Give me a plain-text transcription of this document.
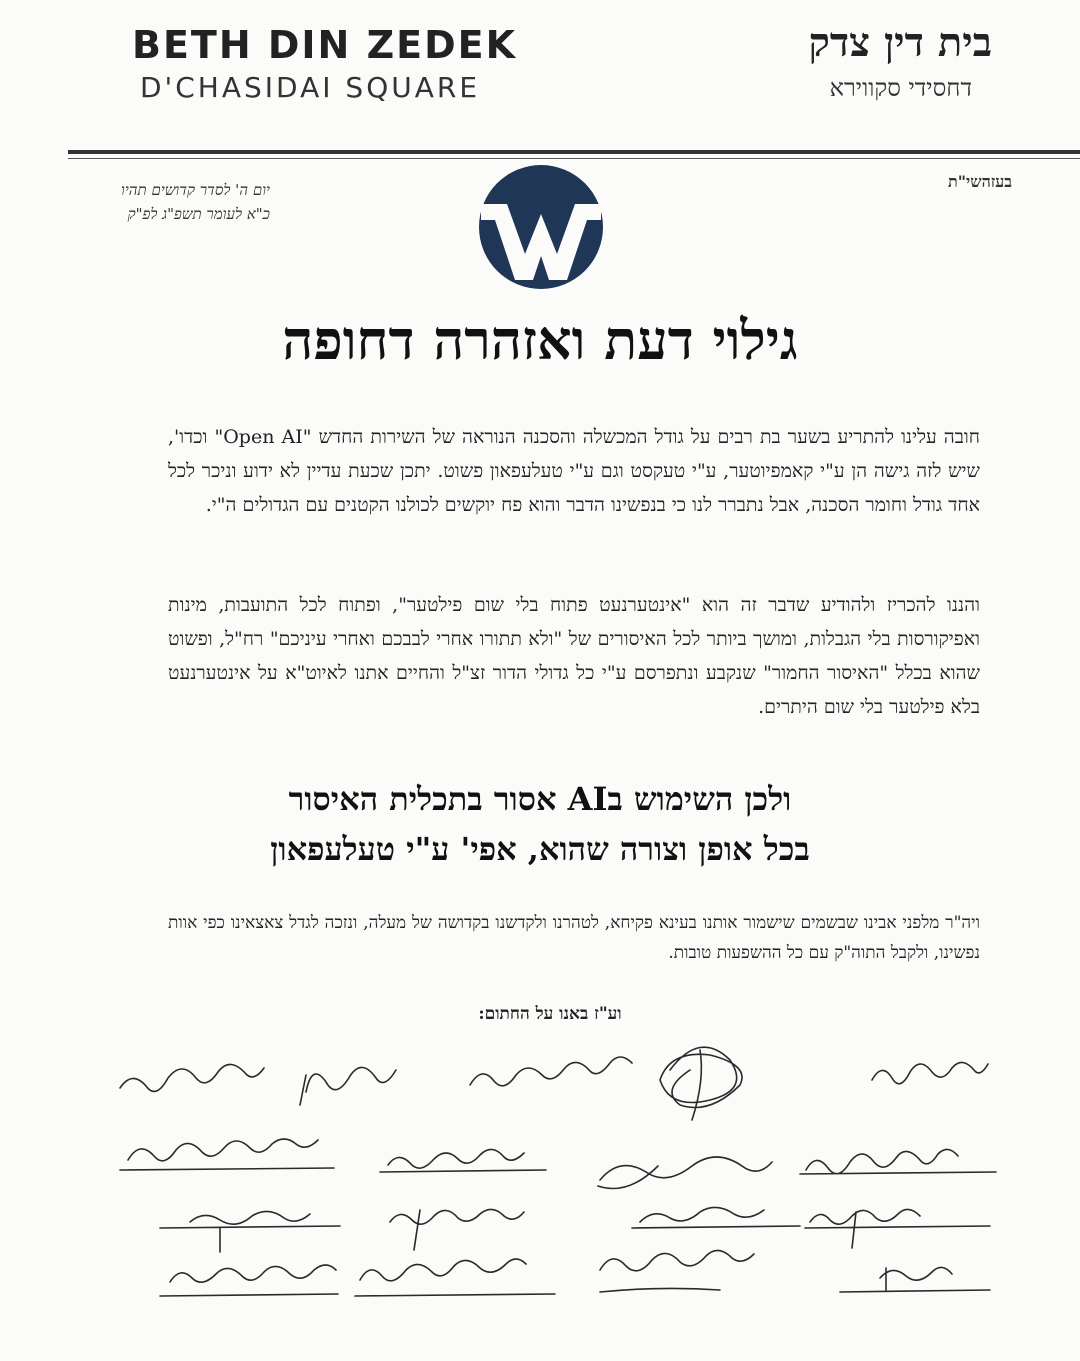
BETH DIN ZEDEK
D'CHASIDAI SQUARE
בית דין צדק
דחסידי סקווירא
יום ה' לסדר קדושים תהיו
כ"א לעומר תשפ"ג לפ"ק
בעזהשי"ת
גילוי דעת ואזהרה דחופה
חובה עלינו להתריע בשער בת רבים על גודל המכשלה והסכנה הנוראה של השירות החדש "Open AI" וכדו', שיש לזה גישה הן ע"י קאמפיוטער, ע"י טעקסט וגם ע"י טעלעפאון פשוט. יתכן שכעת עדיין לא ידוע וניכר לכל אחד גודל וחומר הסכנה, אבל נתברר לנו כי בנפשינו הדבר והוא פח יוקשים לכולנו הקטנים עם הגדולים ה"י.
והננו להכריז ולהודיע שדבר זה הוא "אינטערנעט פתוח בלי שום פילטער", ופתוח לכל התועבות, מינות ואפיקורסות בלי הגבלות, ומושך ביותר לכל האיסורים של "ולא תתורו אחרי לבבכם ואחרי עיניכם" רח"ל, ופשוט שהוא בכלל "האיסור החמור" שנקבע ונתפרסם ע"י כל גדולי הדור זצ"ל והחיים אתנו לאיוט"א על אינטערנעט בלא פילטער בלי שום היתרים.
ולכן השימוש בAI אסור בתכלית האיסור
בכל אופן וצורה שהוא, אפי' ע"י טעלעפאון
ויה"ר מלפני אבינו שבשמים שישמור אותנו בעינא פקיחא, לטהרנו ולקדשנו בקדושה של מעלה, ונזכה לגדל צאצאינו כפי אוות נפשינו, ולקבל התוה"ק עם כל ההשפעות טובות.
וע"ז באנו על החתום:
